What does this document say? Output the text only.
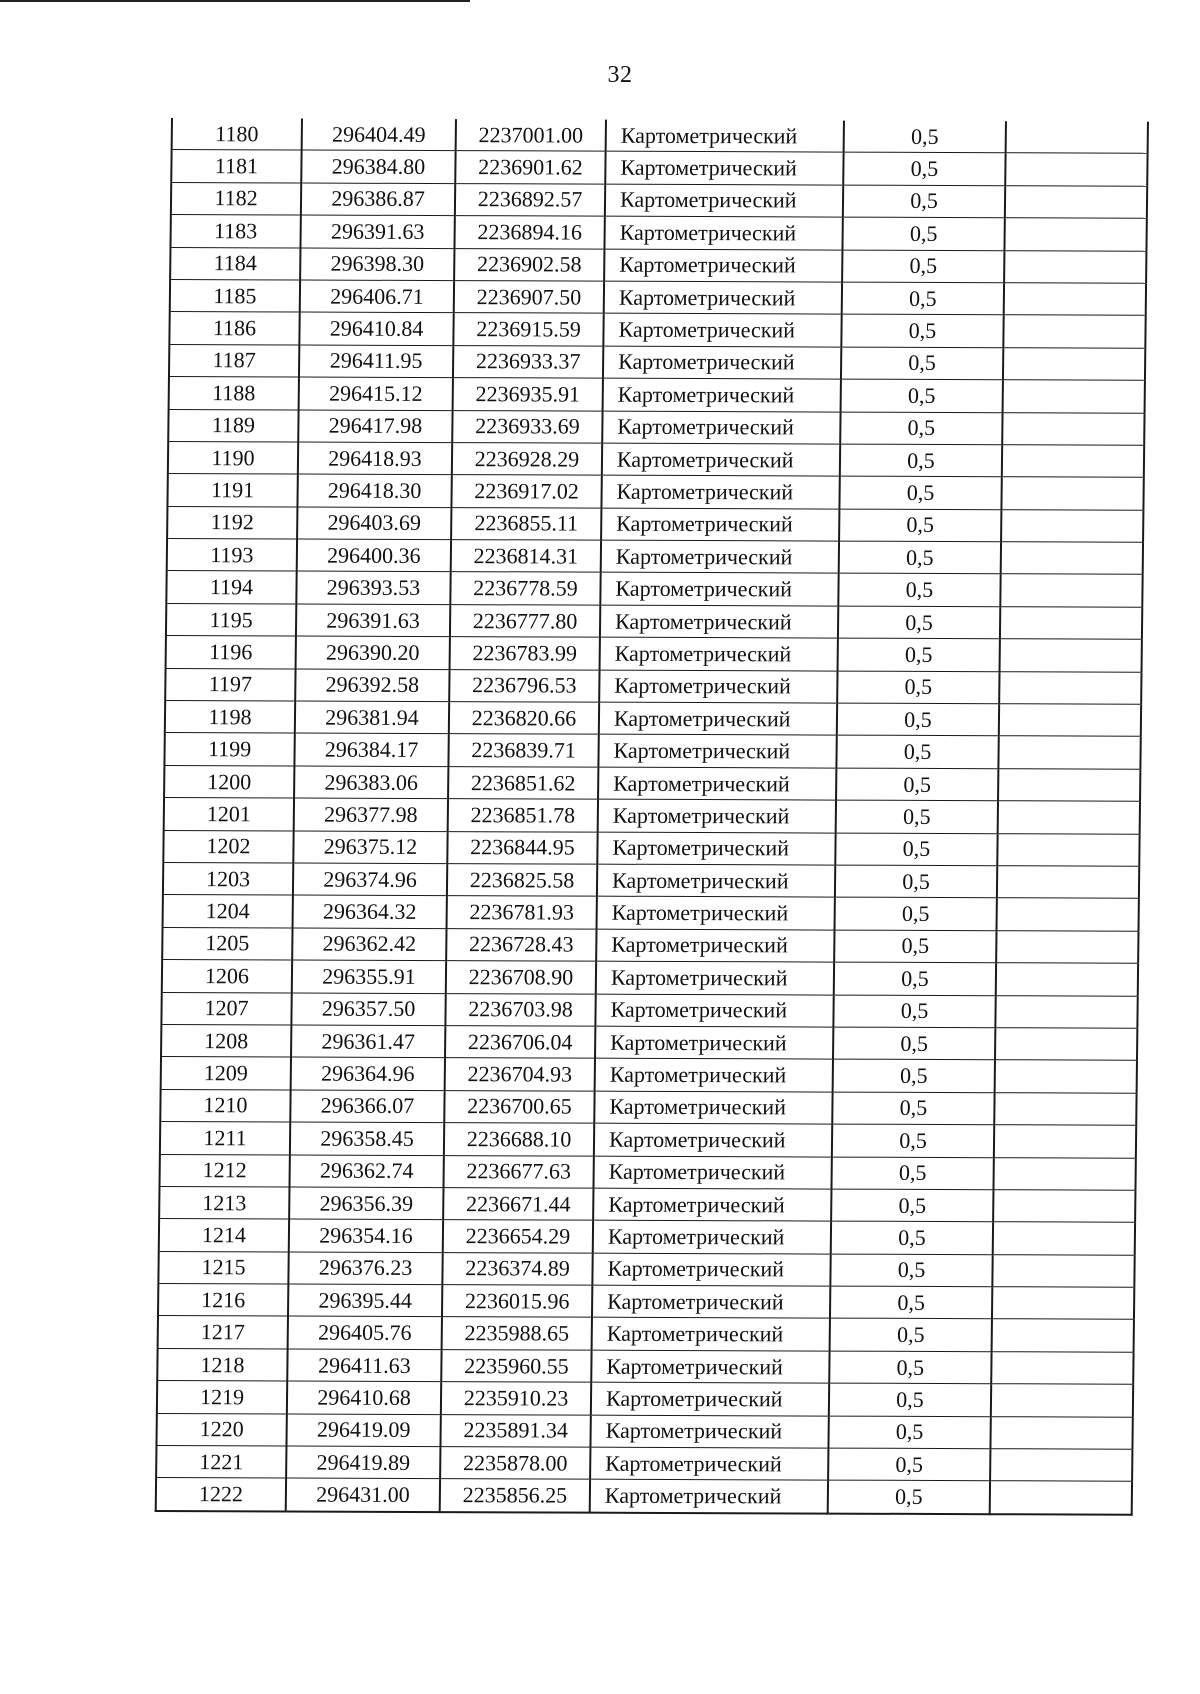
32
1180	296404.49	2237001.00	Картометрический	0,5	
1181	296384.80	2236901.62	Картометрический	0,5	
1182	296386.87	2236892.57	Картометрический	0,5	
1183	296391.63	2236894.16	Картометрический	0,5	
1184	296398.30	2236902.58	Картометрический	0,5	
1185	296406.71	2236907.50	Картометрический	0,5	
1186	296410.84	2236915.59	Картометрический	0,5	
1187	296411.95	2236933.37	Картометрический	0,5	
1188	296415.12	2236935.91	Картометрический	0,5	
1189	296417.98	2236933.69	Картометрический	0,5	
1190	296418.93	2236928.29	Картометрический	0,5	
1191	296418.30	2236917.02	Картометрический	0,5	
1192	296403.69	2236855.11	Картометрический	0,5	
1193	296400.36	2236814.31	Картометрический	0,5	
1194	296393.53	2236778.59	Картометрический	0,5	
1195	296391.63	2236777.80	Картометрический	0,5	
1196	296390.20	2236783.99	Картометрический	0,5	
1197	296392.58	2236796.53	Картометрический	0,5	
1198	296381.94	2236820.66	Картометрический	0,5	
1199	296384.17	2236839.71	Картометрический	0,5	
1200	296383.06	2236851.62	Картометрический	0,5	
1201	296377.98	2236851.78	Картометрический	0,5	
1202	296375.12	2236844.95	Картометрический	0,5	
1203	296374.96	2236825.58	Картометрический	0,5	
1204	296364.32	2236781.93	Картометрический	0,5	
1205	296362.42	2236728.43	Картометрический	0,5	
1206	296355.91	2236708.90	Картометрический	0,5	
1207	296357.50	2236703.98	Картометрический	0,5	
1208	296361.47	2236706.04	Картометрический	0,5	
1209	296364.96	2236704.93	Картометрический	0,5	
1210	296366.07	2236700.65	Картометрический	0,5	
1211	296358.45	2236688.10	Картометрический	0,5	
1212	296362.74	2236677.63	Картометрический	0,5	
1213	296356.39	2236671.44	Картометрический	0,5	
1214	296354.16	2236654.29	Картометрический	0,5	
1215	296376.23	2236374.89	Картометрический	0,5	
1216	296395.44	2236015.96	Картометрический	0,5	
1217	296405.76	2235988.65	Картометрический	0,5	
1218	296411.63	2235960.55	Картометрический	0,5	
1219	296410.68	2235910.23	Картометрический	0,5	
1220	296419.09	2235891.34	Картометрический	0,5	
1221	296419.89	2235878.00	Картометрический	0,5	
1222	296431.00	2235856.25	Картометрический	0,5	
